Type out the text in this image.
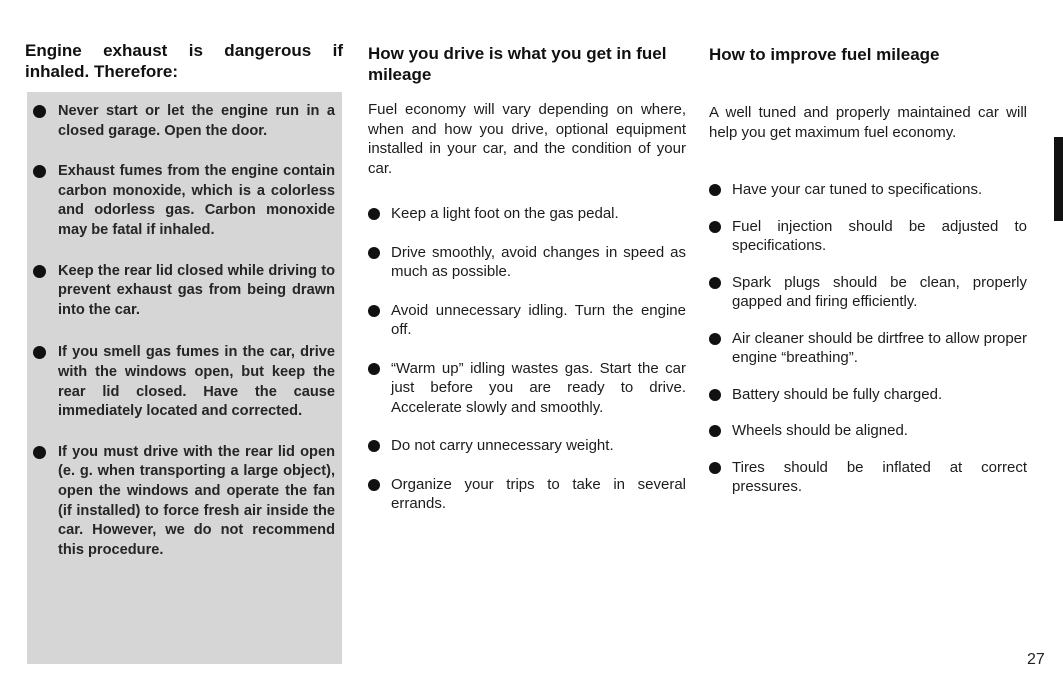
Engine exhaust is dangerous if inhaled. Therefore:
Never start or let the engine run in a closed garage. Open the door.
Exhaust fumes from the engine contain carbon monoxide, which is a colorless and odorless gas. Carbon monoxide may be fatal if inhaled.
Keep the rear lid closed while driving to prevent exhaust gas from being drawn into the car.
If you smell gas fumes in the car, drive with the windows open, but keep the rear lid closed. Have the cause immediately located and corrected.
If you must drive with the rear lid open (e. g. when transporting a large object), open the windows and operate the fan (if installed) to force fresh air inside the car. However, we do not recommend this procedure.
How you drive is what you get in fuel mileage

Fuel economy will vary depending on where, when and how you drive, optional equipment installed in your car, and the condition of your car.

Keep a light foot on the gas pedal.
Drive smoothly, avoid changes in speed as much as possible.
Avoid unnecessary idling. Turn the engine off.
“Warm up” idling wastes gas. Start the car just before you are ready to drive. Accelerate slowly and smoothly.
Do not carry unnecessary weight.
Organize your trips to take in several errands.
How to improve fuel mileage

A well tuned and properly maintained car will help you get maximum fuel economy.

Have your car tuned to specifications.
Fuel injection should be adjusted to specifications.
Spark plugs should be clean, properly gapped and firing efficiently.
Air cleaner should be dirtfree to allow proper engine “breathing”.
Battery should be fully charged.
Wheels should be aligned.
Tires should be inflated at correct pressures.
27
